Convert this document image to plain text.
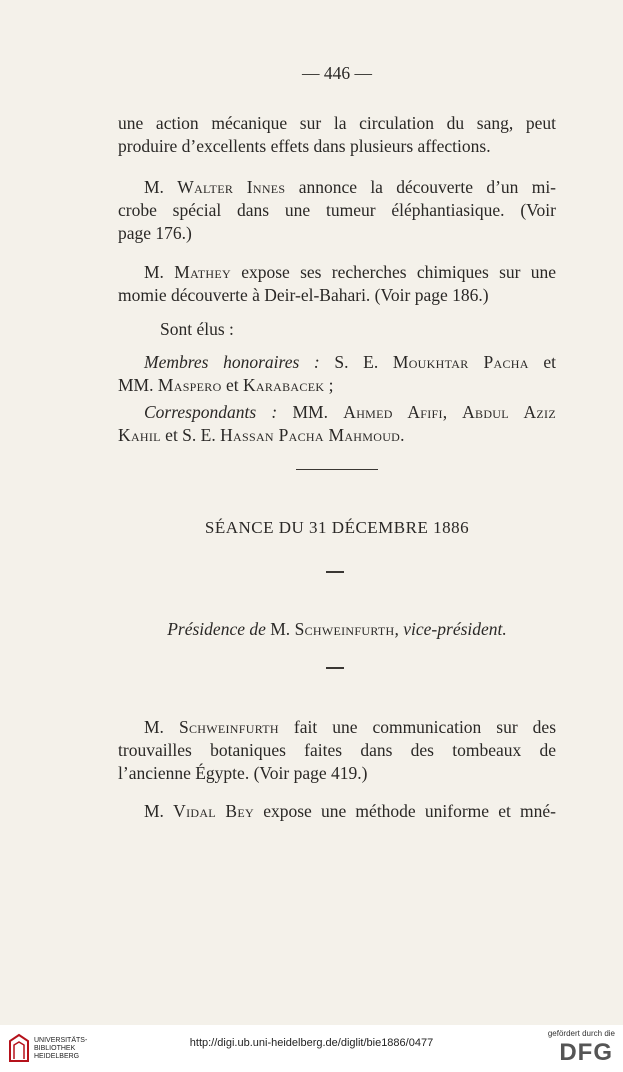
— 446 —
une action mécanique sur la circulation du sang, peut
produire d’excellents effets dans plusieurs affections.
M. Walter Innes annonce la découverte d’un mi-
crobe spécial dans une tumeur éléphantiasique. (Voir
page 176.)
M. Mathey expose ses recherches chimiques sur une
momie découverte à Deir-el-Bahari. (Voir page 186.)
Sont élus :
Membres honoraires : S. E. Moukhtar Pacha et
MM. Maspero et Karabacek ;
Correspondants : MM. Ahmed Afifi, Abdul Aziz
Kahil et S. E. Hassan Pacha Mahmoud.
SÉANCE DU 31 DÉCEMBRE 1886
Présidence de M. Schweinfurth, vice-président.
M. Schweinfurth fait une communication sur des
trouvailles botaniques faites dans des tombeaux de
l’ancienne Égypte. (Voir page 419.)
M. Vidal Bey expose une méthode uniforme et mné-
UNIVERSITÄTS-
BIBLIOTHEK
HEIDELBERG
http://digi.ub.uni-heidelberg.de/diglit/bie1886/0477
gefördert durch die
DFG
